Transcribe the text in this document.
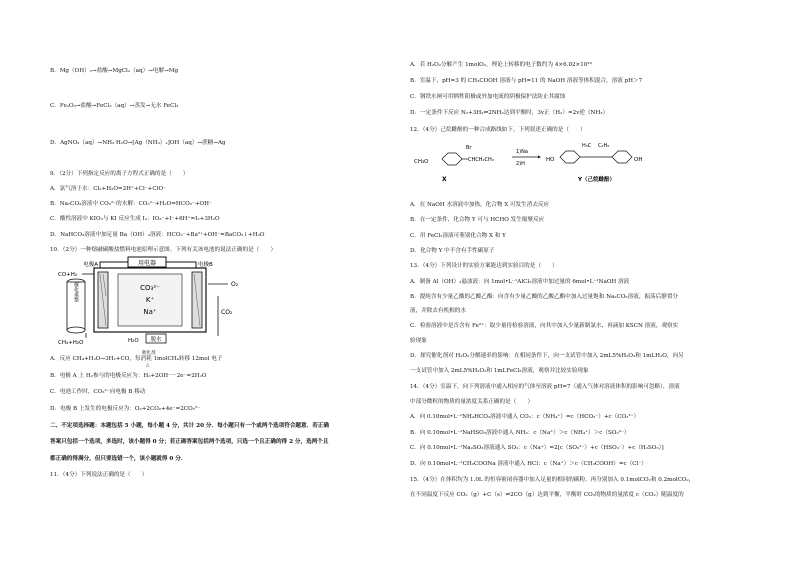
B．Mg（OH）₂→盐酸→MgCl₂（aq）→电解→Mg
C．Fe₂O₃→盐酸→FeCl₃（aq）→蒸发→无水 FeCl₃
D．AgNO₃（aq）→NH₃·H₂O→[Ag（NH₃）₂]OH（aq）→蔗糖→Ag
9．（2分）下列指定反应的离子方程式正确的是（　　）
A．氯气溶于水：Cl₂+H₂O=2H⁺+Cl⁻+ClO⁻
B．Na₂CO₃溶液中 CO₃²⁻的水解：CO₃²⁻+H₂O=HCO₃⁻+OH⁻
C．酸性溶液中 KIO₃与 KI 反应生成 I₂：IO₃⁻+I⁻+6H⁺=I₂+3H₂O
D．NaHCO₃溶液中加足量 Ba（OH）₂溶液：HCO₃⁻+Ba²⁺+OH⁻=BaCO₃↓+H₂O
10．（2分）一种熔融碳酸盐燃料电池原理示意图。下列有关该电池的说法正确的是（　　）
用电器
电极A	电极B
催化重整
CO+H₂
CH₄+H₂O	H₂O
CO₃²⁻
K⁺
Na⁺
脱水
O₂
CO₂
A．反应 CH₄+H₂O→3H₂+CO，每消耗 1molCH₄转移 12mol 电子
催化剂
△
B．电极 A 上 H₂参与的电极反应为：H₂+2OH⁻－2e⁻=2H₂O
C．电池工作时，CO₃²⁻向电极 B 移动
D．电极 B 上发生的电极反应为：O₂+2CO₂+4e⁻=2CO₃²⁻
二、不定项选择题：本题包括 5 小题，每小题 4 分，共计 20 分．每小题只有一个或两个选项符合题意．若正确
答案只包括一个选项，多选时，该小题得 0 分；若正确答案包括两个选项，只选一个且正确的得 2 分，选两个且
都正确的得满分，但只要选错一个，该小题就得 0 分．
11．（4分）下列说法正确的是（　　）
A．若 H₂O₂分解产生 1molO₂，理论上转移的电子数约为 4×6.02×10²³
B．室温下，pH=3 的 CH₃COOH 溶液与 pH=11 的 NaOH 溶液等体积混合，溶液 pH＞7
C．钢铁水闸可用牺牲阳极或外加电流的阴极保护法防止其腐蚀
D．一定条件下反应 N₂+3H₂⇌2NH₃达到平衡时，3v正（H₂）=2v逆（NH₃）
12．（4分）己烷雌酚的一种合成路线如下，下列叙述正确的是（　　）
CH₃O
Br
CHCH₂CH₃
X
1)Na
2)H
HO
H₃C C₂H₅
OH
Y（己烷雌酚）
A．在 NaOH 水溶液中加热，化合物 X 可发生消去反应
B．在一定条件，化合物 Y 可与 HCHO 发生缩聚反应
C．用 FeCl₃溶液可鉴别化合物 X 和 Y
D．化合物 Y 中不含有手性碳原子
13．（4分）下列设计的实验方案能达到实验目的是（　　）
A．制备 Al（OH）₃悬浊液：向 1mol•L⁻¹AlCl₃溶液中加过量的 6mol•L⁻¹NaOH 溶液
B．提纯含有少量乙酸的乙酸乙酯：向含有少量乙酸的乙酸乙酯中加入过量饱和 Na₂CO₃溶液，振荡后静置分
液，并除去有机相的水
C．检验溶液中是否含有 Fe²⁺：取少量待检验溶液，向其中加入少量新制氯水，再滴加 KSCN 溶液，观察实
验现象
D．探究催化剂对 H₂O₂分解速率的影响：在相同条件下，向一支试管中加入 2mL5%H₂O₂和 1mLH₂O，向另
一支试管中加入 2mL5%H₂O₂和 1mLFeCl₃溶液，观察并比较实验现象
14．（4分）室温下，向下列溶液中通入相应的气体至溶液 pH=7（通入气体对溶液体积的影响可忽略），溶液
中部分微粒的物质的量浓度关系正确的是（　　）
A．向 0.10mol•L⁻¹NH₄HCO₃溶液中通入 CO₂：c（NH₄⁺）=c（HCO₃⁻）+c（CO₃²⁻）
B．向 0.10mol•L⁻¹NaHSO₃溶液中通入 NH₃：c（Na⁺）＞c（NH₄⁺）＞c（SO₃²⁻）
C．向 0.10mol•L⁻¹Na₂SO₃溶液通入 SO₂：c（Na⁺）=2[c（SO₃²⁻）+c（HSO₃⁻）+c（H₂SO₃）]
D．向 0.10mol•L⁻¹CH₃COONa 溶液中通入 HCl：c（Na⁺）＞c（CH₃COOH）=c（Cl⁻）
15．（4分）在体积均为 1.0L 的恒容密闭容器中加入足量的相同的碳粉，再分别加入 0.1molCO₂和 0.2molCO₂，
在不同温度下反应 CO₂（g）+C（s）⇌2CO（g）达到平衡，平衡时 CO₂的物质的量浓度 c（CO₂）随温度的
